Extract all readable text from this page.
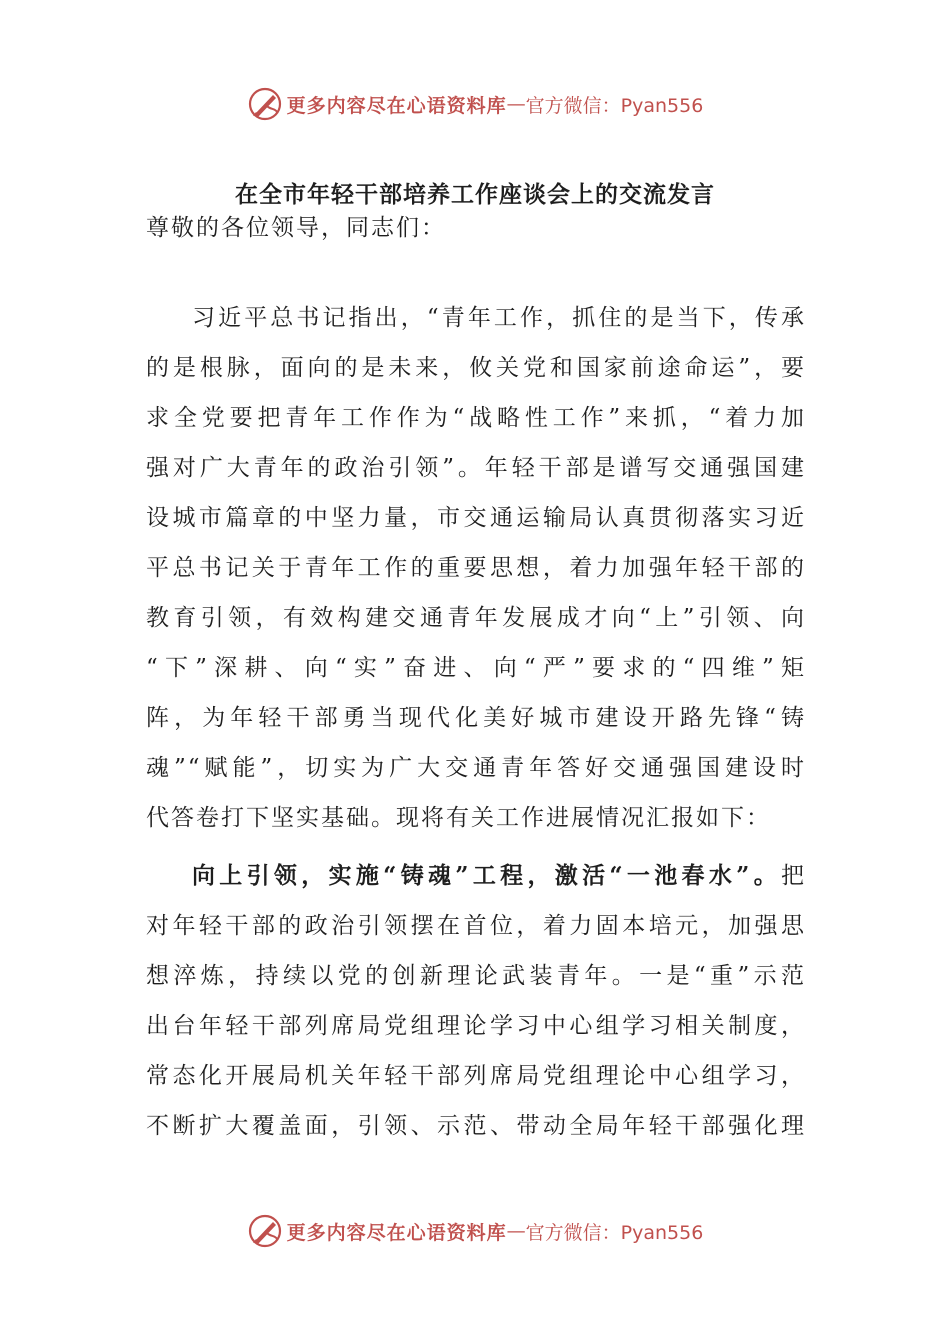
更多内容尽在心语资料库 — 官方微信：Pyan556
在全市年轻干部培养工作座谈会上的交流发言

尊敬的各位领导，同志们：

习近平总书记指出，“青年工作，抓住的是当下，传承
的是根脉，面向的是未来，攸关党和国家前途命运”，要
求全党要把青年工作作为“战略性工作”来抓，“着力加
强对广大青年的政治引领”。年轻干部是谱写交通强国建
设城市篇章的中坚力量，市交通运输局认真贯彻落实习近
平总书记关于青年工作的重要思想，着力加强年轻干部的
教育引领，有效构建交通青年发展成才向“上”引领、向
“下”深耕、向“实”奋进、向“严”要求的“四维”矩
阵，为年轻干部勇当现代化美好城市建设开路先锋“铸
魂”“赋能”，切实为广大交通青年答好交通强国建设时
代答卷打下坚实基础。现将有关工作进展情况汇报如下：
向上引领，实施“铸魂”工程，激活“一池春水”。把
对年轻干部的政治引领摆在首位，着力固本培元，加强思
想淬炼，持续以党的创新理论武装青年。一是“重”示范
出台年轻干部列席局党组理论学习中心组学习相关制度，
常态化开展局机关年轻干部列席局党组理论中心组学习，
不断扩大覆盖面，引领、示范、带动全局年轻干部强化理
更多内容尽在心语资料库 — 官方微信：Pyan556
